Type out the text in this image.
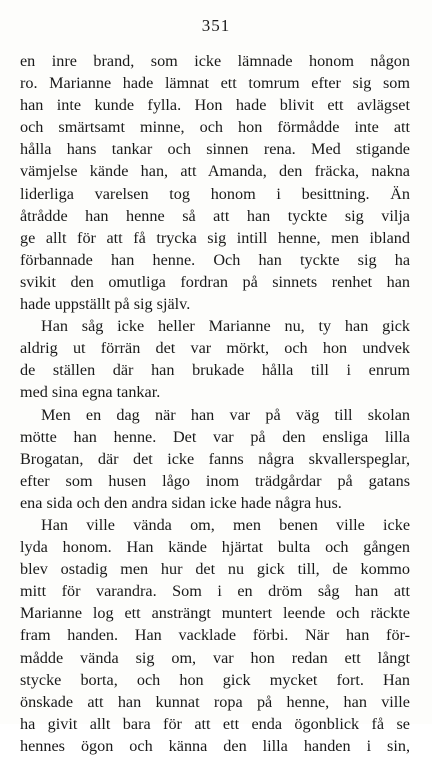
351
en inre brand, som icke lämnade honom någon
ro. Marianne hade lämnat ett tomrum efter sig som
han inte kunde fylla. Hon hade blivit ett avlägset
och smärtsamt minne, och hon förmådde inte att
hålla hans tankar och sinnen rena. Med stigande
vämjelse kände han, att Amanda, den fräcka, nakna
liderliga varelsen tog honom i besittning. Än
åtrådde han henne så att han tyckte sig vilja
ge allt för att få trycka sig intill henne, men ibland
förbannade han henne. Och han tyckte sig ha
svikit den omutliga fordran på sinnets renhet han
hade uppställt på sig själv.
Han såg icke heller Marianne nu, ty han gick
aldrig ut förrän det var mörkt, och hon undvek
de ställen där han brukade hålla till i enrum
med sina egna tankar.
Men en dag när han var på väg till skolan
mötte han henne. Det var på den ensliga lilla
Brogatan, där det icke fanns några skvallerspeglar,
efter som husen lågo inom trädgårdar på gatans
ena sida och den andra sidan icke hade några hus.
Han ville vända om, men benen ville icke
lyda honom. Han kände hjärtat bulta och gången
blev ostadig men hur det nu gick till, de kommo
mitt för varandra. Som i en dröm såg han att
Marianne log ett ansträngt muntert leende och räckte
fram handen. Han vacklade förbi. När han för-
mådde vända sig om, var hon redan ett långt
stycke borta, och hon gick mycket fort. Han
önskade att han kunnat ropa på henne, han ville
ha givit allt bara för att ett enda ögonblick få se
hennes ögon och känna den lilla handen i sin,
